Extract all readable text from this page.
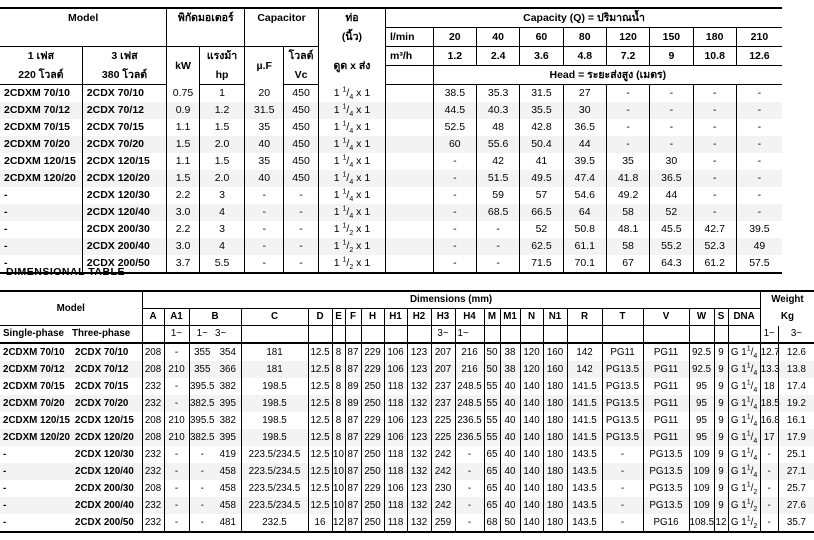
Model		พิกัดมอเตอร์		Capacitor		ท่อ	Capacity (Q) = ปริมาณน้ำ								
						(นิ้ว)	l/min	20	40	60	80	120	150	180	210
1 เฟส	3 เฟส	kW	แรงม้า	µ.F	โวลต์	ดูด x ส่ง	m³/h	1.2	2.4	3.6	4.8	7.2	9	10.8	12.6
220 โวลต์	380 โวลต์		hp		Vc			Head = ระยะส่งสูง (เมตร)							
2CDXM 70/10	2CDX 70/10	0.75	1	20	450	1 $^1/_4$ x 1		38.5	35.3	31.5	27	-	-	-	-
2CDXM 70/12	2CDX 70/12	0.9	1.2	31.5	450	1 $^1/_4$ x 1		44.5	40.3	35.5	30	-	-	-	-
2CDXM 70/15	2CDX 70/15	1.1	1.5	35	450	1 $^1/_4$ x 1		52.5	48	42.8	36.5	-	-	-	-
2CDXM 70/20	2CDX 70/20	1.5	2.0	40	450	1 $^1/_4$ x 1		60	55.6	50.4	44	-	-	-	-
2CDXM 120/15	2CDX 120/15	1.1	1.5	35	450	1 $^1/_4$ x 1		-	42	41	39.5	35	30	-	-
2CDXM 120/20	2CDX 120/20	1.5	2.0	40	450	1 $^1/_4$ x 1		-	51.5	49.5	47.4	41.8	36.5	-	-
-	2CDX 120/30	2.2	3	-	-	1 $^1/_4$ x 1		-	59	57	54.6	49.2	44	-	-
-	2CDX 120/40	3.0	4	-	-	1 $^1/_4$ x 1		-	68.5	66.5	64	58	52	-	-
-	2CDX 200/30	2.2	3	-	-	1 $^1/_2$ x 1		-	-	52	50.8	48.1	45.5	42.7	39.5
-	2CDX 200/40	3.0	4	-	-	1 $^1/_2$ x 1		-	-	62.5	61.1	58	55.2	52.3	49
-	2CDX 200/50	3.7	5.5	-	-	1 $^1/_2$ x 1		-	-	71.5	70.1	67	64.3	61.2	57.5
DIMENSIONAL TABLE
Model		Dimensions (mm)																							Weight	
		A	A1	B		C	D	E	F	H	H1	H2	H3	H4	M	M1	N	N1	R	T	V	W	S	DNA	Kg	
Single-phase	Three-phase		1~	1~	3~								3~	1~											1~	3~
2CDXM 70/10	2CDX 70/10	208	-	355	354	181	12.5	8	87	229	106	123	207	216	50	38	120	160	142	PG11	PG11	92.5	9	G $1^1/_4$	12.7	12.6
2CDXM 70/12	2CDX 70/12	208	210	355	366	181	12.5	8	87	229	106	123	207	216	50	38	120	160	142	PG13.5	PG11	92.5	9	G $1^1/_4$	13.3	13.8
2CDXM 70/15	2CDX 70/15	232	-	395.5	382	198.5	12.5	8	89	250	118	132	237	248.5	55	40	140	180	141.5	PG13.5	PG11	95	9	G $1^1/_4$	18	17.4
2CDXM 70/20	2CDX 70/20	232	-	382.5	395	198.5	12.5	8	89	250	118	132	237	248.5	55	40	140	180	141.5	PG13.5	PG11	95	9	G $1^1/_4$	18.5	19.2
2CDXM 120/15	2CDX 120/15	208	210	395.5	382	198.5	12.5	8	87	229	106	123	225	236.5	55	40	140	180	141.5	PG13.5	PG11	95	9	G $1^1/_4$	16.8	16.1
2CDXM 120/20	2CDX 120/20	208	210	382.5	395	198.5	12.5	8	87	229	106	123	225	236.5	55	40	140	180	141.5	PG13.5	PG11	95	9	G $1^1/_4$	17	17.9
-	2CDX 120/30	232	-	-	419	223.5/234.5	12.5	10	87	250	118	132	242	-	65	40	140	180	143.5	-	PG13.5	109	9	G $1^1/_4$	-	25.1
-	2CDX 120/40	232	-	-	458	223.5/234.5	12.5	10	87	250	118	132	242	-	65	40	140	180	143.5	-	PG13.5	109	9	G $1^1/_4$	-	27.1
-	2CDX 200/30	208	-	-	458	223.5/234.5	12.5	10	87	229	106	123	230	-	65	40	140	180	143.5	-	PG13.5	109	9	G $1^1/_2$	-	25.7
-	2CDX 200/40	232	-	-	458	223.5/234.5	12.5	10	87	250	118	132	242	-	65	40	140	180	143.5	-	PG13.5	109	9	G $1^1/_2$	-	27.6
-	2CDX 200/50	232	-	-	481	232.5	16	12	87	250	118	132	259	-	68	50	140	180	143.5	-	PG16	108.5	12	G $1^1/_2$	-	35.7
